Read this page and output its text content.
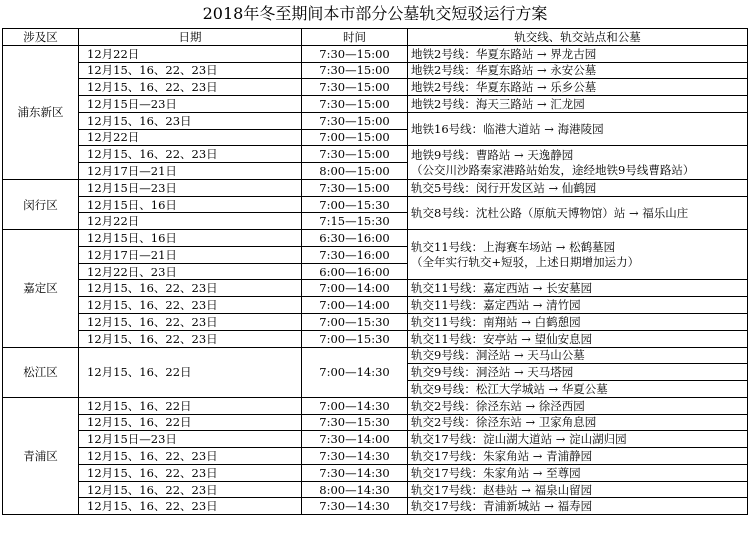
2018年冬至期间本市部分公墓轨交短驳运行方案
涉及区	日期	时间	轨交线、轨交站点和公墓
浦东新区	12月22日	7:30—15:00	地铁2号线：华夏东路站 → 界龙古园
	12月15、16、22、23日	7:30—15:00	地铁2号线：华夏东路站 → 永安公墓
	12月15、16、22、23日	7:30—15:00	地铁2号线：华夏东路站 → 乐乡公墓
	12月15日—23日	7:30—15:00	地铁2号线：海天三路站 → 汇龙园
	12月15、16、23日	7:30—15:00	地铁16号线：临港大道站 → 海港陵园
	12月22日	7:00—15:00	
	12月15、16、22、23日	7:30—15:00	地铁9号线：曹路站 → 天逸静园
（公交川沙路秦家港路站始发，途经地铁9号线曹路站）

	12月17日—21日	8:00—15:00	
闵行区	12月15日—23日	7:30—15:00	轨交5号线：闵行开发区站 → 仙鹤园
	12月15日、16日	7:00—15:30	轨交8号线：沈杜公路（原航天博物馆）站 → 福乐山庄
	12月22日	7:15—15:30	
嘉定区	12月15日、16日	6:30—16:00	轨交11号线：上海赛车场站 → 松鹤墓园
（全年实行轨交+短驳，上述日期增加运力）

	12月17日—21日	7:30—16:00	
	12月22日、23日	6:00—16:00	
	12月15、16、22、23日	7:00—14:00	轨交11号线：嘉定西站 → 长安墓园
	12月15、16、22、23日	7:00—14:00	轨交11号线：嘉定西站 → 清竹园
	12月15、16、22、23日	7:00—15:30	轨交11号线：南翔站 → 白鹤憩园
	12月15、16、22、23日	7:00—15:30	轨交11号线：安亭站 → 望仙安息园
松江区	12月15、16、22日	7:00—14:30	轨交9号线：洞泾站 → 天马山公墓
			轨交9号线：洞泾站 → 天马塔园
			轨交9号线：松江大学城站 → 华夏公墓
青浦区	12月15、16、22日	7:00—14:30	轨交2号线：徐泾东站 → 徐泾西园
	12月15、16、22日	7:30—15:30	轨交2号线：徐泾东站 → 卫家角息园
	12月15日—23日	7:30—14:00	轨交17号线：淀山湖大道站 → 淀山湖归园
	12月15、16、22、23日	7:30—14:30	轨交17号线：朱家角站 → 青浦静园
	12月15、16、22、23日	7:30—14:30	轨交17号线：朱家角站 → 至尊园
	12月15、16、22、23日	8:00—14:30	轨交17号线：赵巷站 → 福泉山留园
	12月15、16、22、23日	7:30—14:30	轨交17号线：青浦新城站 → 福寿园
